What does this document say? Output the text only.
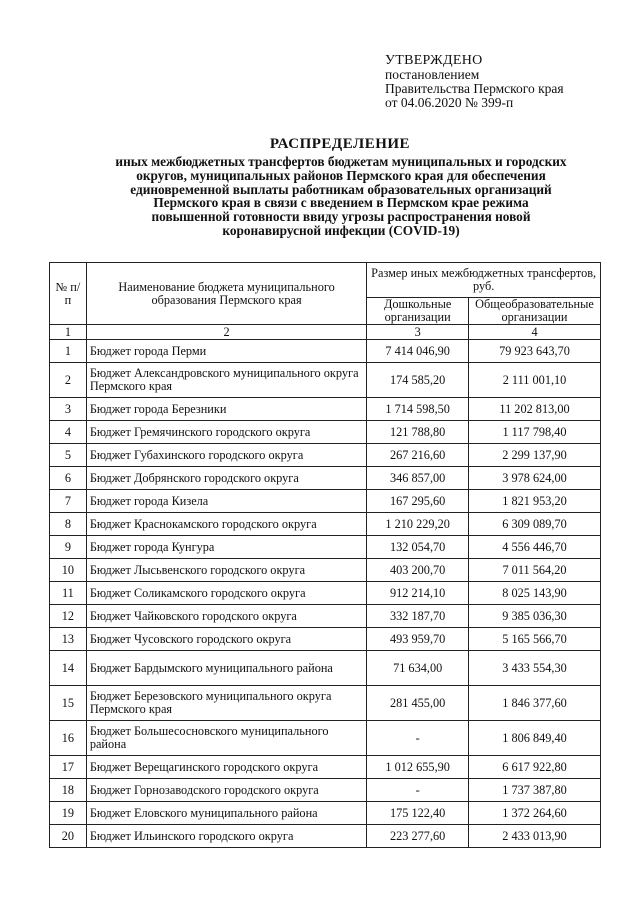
УТВЕРЖДЕНО
постановлением
Правительства Пермского края
от 04.06.2020 № 399-п
РАСПРЕДЕЛЕНИЕ
иных межбюджетных трансфертов бюджетам муниципальных и городских
округов, муниципальных районов Пермского края для обеспечения
единовременной выплаты работникам образовательных организаций
Пермского края в связи с введением в Пермском крае режима
повышенной готовности ввиду угрозы распространения новой
коронавирусной инфекции (COVID-19)
№ п/п	Наименование бюджета муниципального образования Пермского края	Размер иных межбюджетных трансфертов, руб.	
		Дошкольные организации	Общеобразовательные организации
1	2	3	4
1	Бюджет города Перми	7 414 046,90	79 923 643,70
2	Бюджет Александровского муниципального округа Пермского края	174 585,20	2 111 001,10
3	Бюджет города Березники	1 714 598,50	11 202 813,00
4	Бюджет Гремячинского городского округа	121 788,80	1 117 798,40
5	Бюджет Губахинского городского округа	267 216,60	2 299 137,90
6	Бюджет Добрянского городского округа	346 857,00	3 978 624,00
7	Бюджет города Кизела	167 295,60	1 821 953,20
8	Бюджет Краснокамского городского округа	1 210 229,20	6 309 089,70
9	Бюджет города Кунгура	132 054,70	4 556 446,70
10	Бюджет Лысьвенского городского округа	403 200,70	7 011 564,20
11	Бюджет Соликамского городского округа	912 214,10	8 025 143,90
12	Бюджет Чайковского городского округа	332 187,70	9 385 036,30
13	Бюджет Чусовского городского округа	493 959,70	5 165 566,70
14	Бюджет Бардымского муниципального района	71 634,00	3 433 554,30
15	Бюджет Березовского муниципального округа Пермского края	281 455,00	1 846 377,60
16	Бюджет Большесосновского муниципального района	-	1 806 849,40
17	Бюджет Верещагинского городского округа	1 012 655,90	6 617 922,80
18	Бюджет Горнозаводского городского округа	-	1 737 387,80
19	Бюджет Еловского муниципального района	175 122,40	1 372 264,60
20	Бюджет Ильинского городского округа	223 277,60	2 433 013,90
